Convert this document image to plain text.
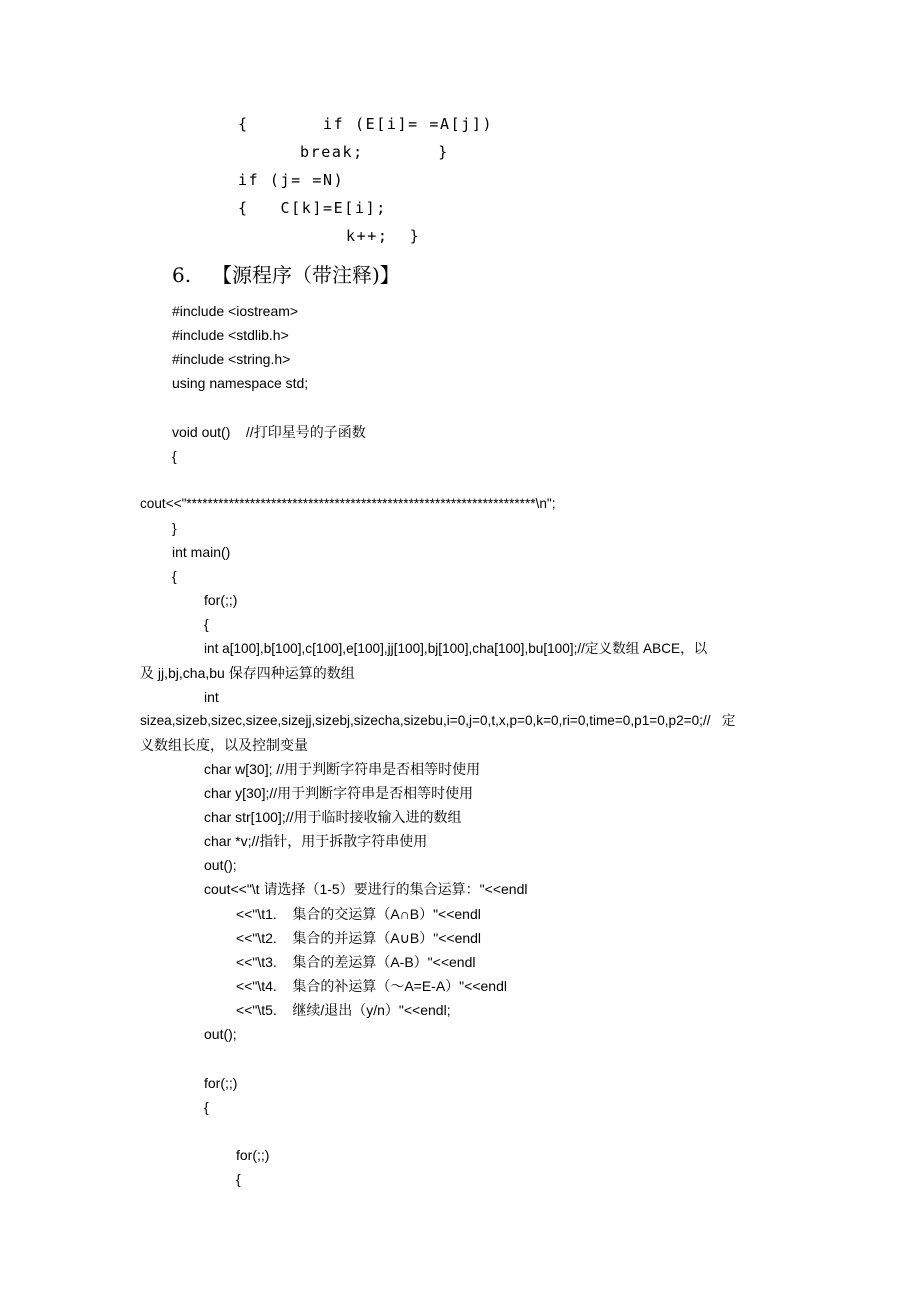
{       if (E[i]= =A[j])
break;       }
if (j= =N)
{   C[k]=E[i];
k++;  }
6. 【源程序（带注释)】
#include <iostream>
#include <stdlib.h>
#include <string.h>
using namespace std;
void out()    //打印星号的子函数
{
cout<<"******************************************************************\n";
}
int main()
{
for(;;)
{
int a[100],b[100],c[100],e[100],jj[100],bj[100],cha[100],bu[100];//定义数组 ABCE，以
及 jj,bj,cha,bu 保存四种运算的数组
int
sizea,sizeb,sizec,sizee,sizejj,sizebj,sizecha,sizebu,i=0,j=0,t,x,p=0,k=0,ri=0,time=0,p1=0,p2=0;//   定
义数组长度，以及控制变量
char w[30]; //用于判断字符串是否相等时使用
char y[30];//用于判断字符串是否相等时使用
char str[100];//用于临时接收输入进的数组
char *v;//指针，用于拆散字符串使用
out();
cout<<"\t 请选择（1-5）要进行的集合运算："<<endl
<<"\t1.    集合的交运算（A∩B）"<<endl
<<"\t2.    集合的并运算（A∪B）"<<endl
<<"\t3.    集合的差运算（A-B）"<<endl
<<"\t4.    集合的补运算（～A=E-A）"<<endl
<<"\t5.    继续/退出（y/n）"<<endl;
out();
for(;;)
{
for(;;)
{
